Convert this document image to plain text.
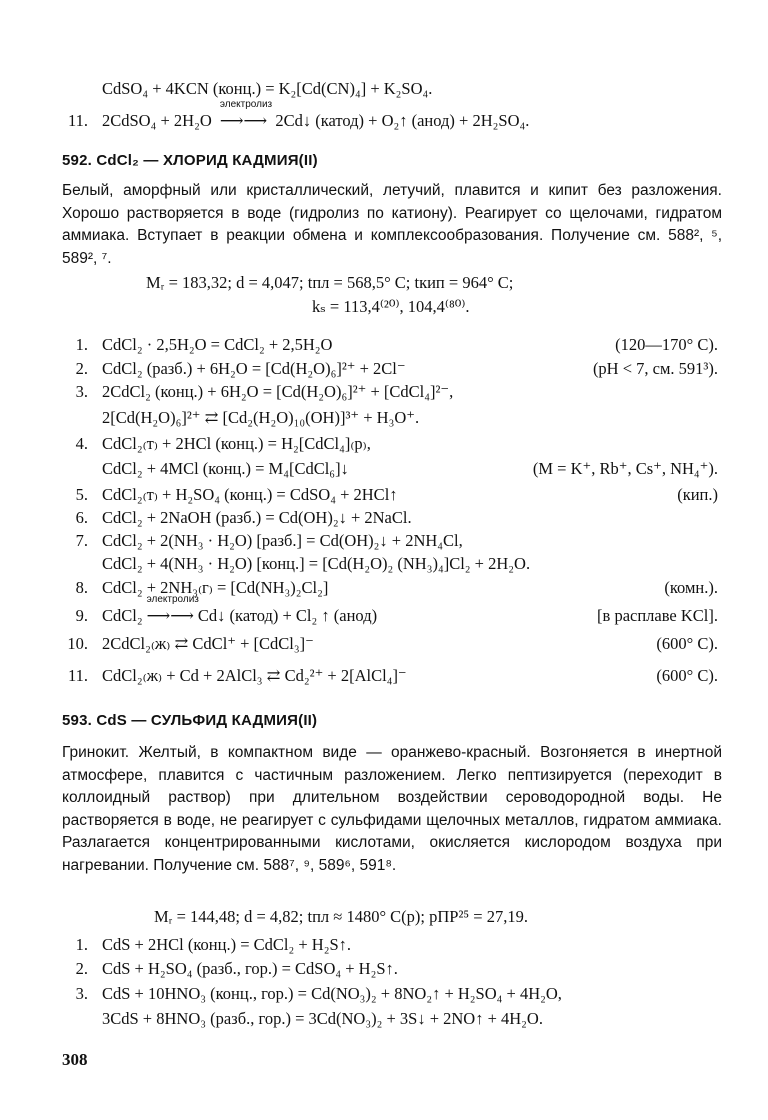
CdSO₄ + 4KCN (конц.) = K₂[Cd(CN)₄] + K₂SO₄.
11. 2CdSO₄ + 2H₂O
электролиз
⟶⟶ 2Cd↓ (катод) + O₂↑ (анод) + 2H₂SO₄.
592. CdCl₂ — ХЛОРИД КАДМИЯ(II)
Белый, аморфный или кристаллический, летучий, плавится и кипит без разложения. Хорошо растворяется в воде (гидролиз по катиону). Реагирует со щелочами, гидратом аммиака. Вступает в реакции обмена и комплексообразования. Получение см. 588², ⁵, 589², ⁷.
Mᵣ = 183,32; d = 4,047; tпл = 568,5° C; tкип = 964° C;
kₛ = 113,4⁽²⁰⁾, 104,4⁽⁸⁰⁾.
1. CdCl₂ · 2,5H₂O = CdCl₂ + 2,5H₂O	(120—170° C).
2. CdCl₂ (разб.) + 6H₂O = [Cd(H₂O)₆]²⁺ + 2Cl⁻	(pH < 7, см. 591³).
3. 2CdCl₂ (конц.) + 6H₂O = [Cd(H₂O)₆]²⁺ + [CdCl₄]²⁻,
2[Cd(H₂O)₆]²⁺ ⇄ [Cd₂(H₂O)₁₀(OH)]³⁺ + H₃O⁺.
4. CdCl₂₍т₎ + 2HCl (конц.) = H₂[CdCl₄]₍р₎,
CdCl₂ + 4MCl (конц.) = M₄[CdCl₆]↓	(M = K⁺, Rb⁺, Cs⁺, NH₄⁺).
5. CdCl₂₍т₎ + H₂SO₄ (конц.) = CdSO₄ + 2HCl↑	(кип.)
6. CdCl₂ + 2NaOH (разб.) = Cd(OH)₂↓ + 2NaCl.
7. CdCl₂ + 2(NH₃ · H₂O) [разб.] = Cd(OH)₂↓ + 2NH₄Cl,
CdCl₂ + 4(NH₃ · H₂O) [конц.] = [Cd(H₂O)₂ (NH₃)₄]Cl₂ + 2H₂O.
8. CdCl₂ + 2NH₃₍г₎ = [Cd(NH₃)₂Cl₂]	(комн.).
9. CdCl₂
электролиз
⟶⟶ Cd↓ (катод) + Cl₂ ↑ (анод)	[в расплаве KCl].
10. 2CdCl₂₍ж₎ ⇄ CdCl⁺ + [CdCl₃]⁻	(600° C).
11. CdCl₂₍ж₎ + Cd + 2AlCl₃ ⇄ Cd₂²⁺ + 2[AlCl₄]⁻	(600° C).
593. CdS — СУЛЬФИД КАДМИЯ(II)
Гринокит. Желтый, в компактном виде — оранжево-красный. Возгоняется в инертной атмосфере, плавится с частичным разложением. Легко пептизируется (переходит в коллоидный раствор) при длительном воздействии сероводородной воды. Не растворяется в воде, не реагирует с сульфидами щелочных металлов, гидратом аммиака. Разлагается концентрированными кислотами, окисляется кислородом воздуха при нагревании. Получение см. 588⁷, ⁹, 589⁶, 591⁸.
Mᵣ = 144,48; d = 4,82; tпл ≈ 1480° C(p); pПР²⁵ = 27,19.
1. CdS + 2HCl (конц.) = CdCl₂ + H₂S↑.
2. CdS + H₂SO₄ (разб., гор.) = CdSO₄ + H₂S↑.
3. CdS + 10HNO₃ (конц., гор.) = Cd(NO₃)₂ + 8NO₂↑ + H₂SO₄ + 4H₂O,
3CdS + 8HNO₃ (разб., гор.) = 3Cd(NO₃)₂ + 3S↓ + 2NO↑ + 4H₂O.
308
